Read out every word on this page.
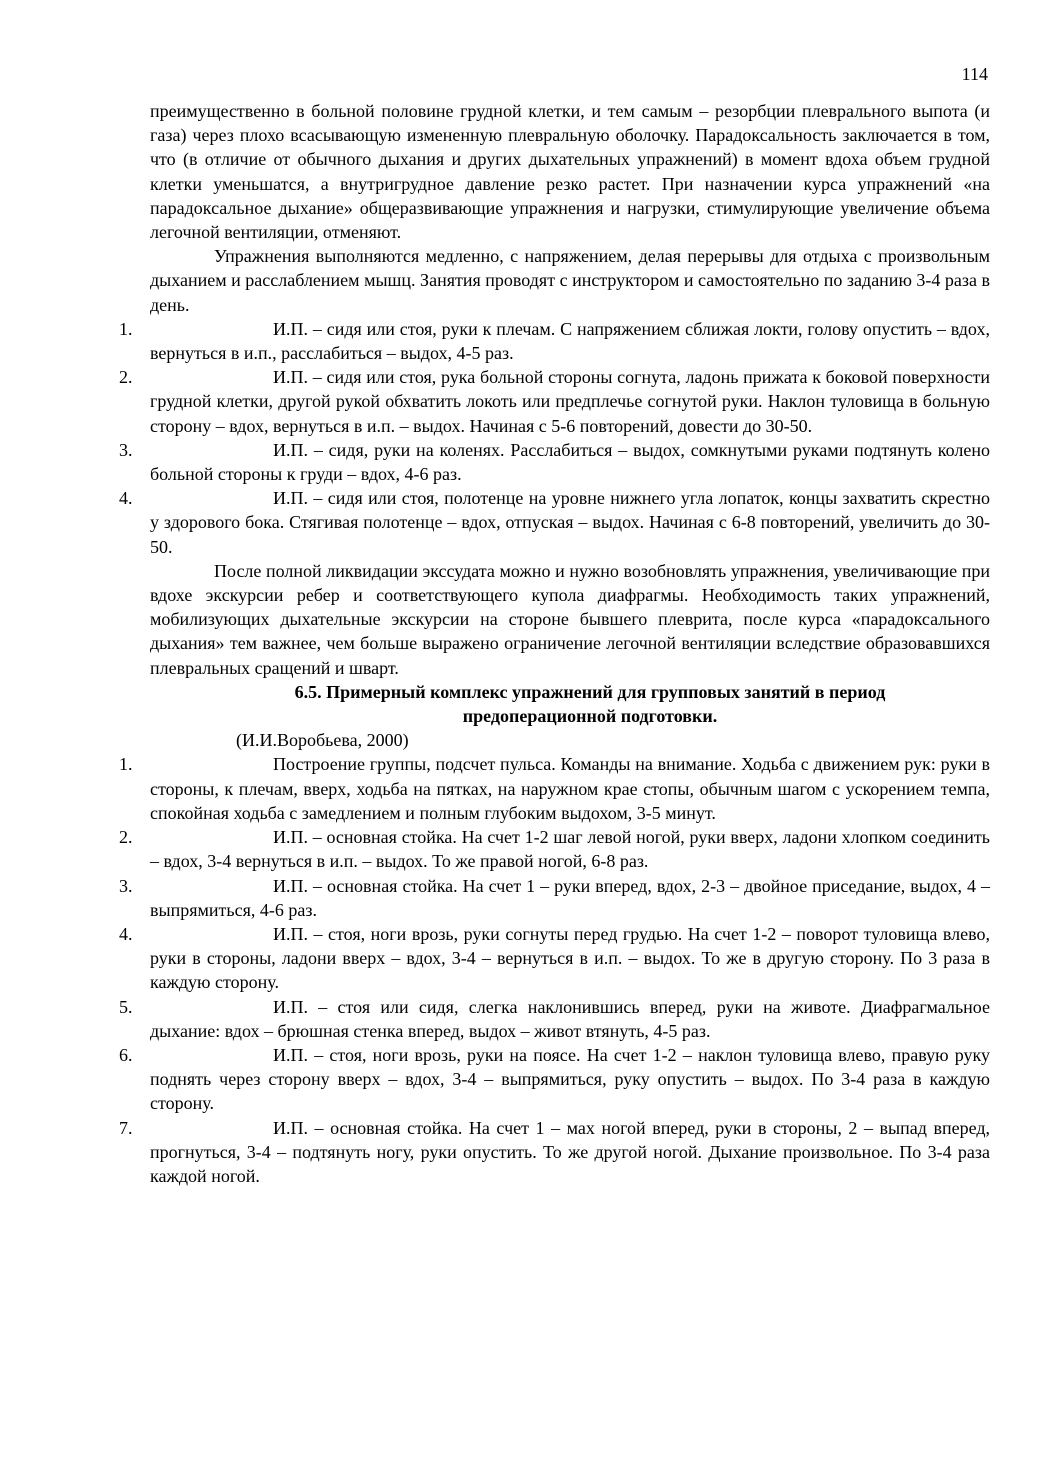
114

преимущественно в больной половине грудной клетки, и тем самым – резорбции плеврального выпота (и газа) через плохо всасывающую измененную плевральную оболочку. Парадоксальность заключается в том, что (в отличие от обычного дыхания и других дыхательных упражнений) в момент вдоха объем грудной клетки уменьшатся, а внутригрудное давление резко растет. При назначении курса упражнений «на парадоксальное дыхание» общеразвивающие упражнения и нагрузки, стимулирующие увеличение объема легочной вентиляции, отменяют.

Упражнения выполняются медленно, с напряжением, делая перерывы для отдыха с произвольным дыханием и расслаблением мышц. Занятия проводят с инструктором и самостоятельно по заданию 3-4 раза в день.

1.	И.П. – сидя или стоя, руки к плечам. С напряжением сближая локти, голову опустить – вдох, вернуться в и.п., расслабиться – выдох, 4-5 раз.
2.	И.П. – сидя или стоя, рука больной стороны согнута, ладонь прижата к боковой поверхности грудной клетки, другой рукой обхватить локоть или предплечье согнутой руки. Наклон туловища в больную сторону – вдох, вернуться в и.п. – выдох. Начиная с 5-6 повторений, довести до 30-50.
3.	И.П. – сидя, руки на коленях. Расслабиться – выдох, сомкнутыми руками подтянуть колено больной стороны к груди – вдох, 4-6 раз.
4.	И.П. – сидя или стоя, полотенце на уровне нижнего угла лопаток, концы захватить скрестно у здорового бока. Стягивая полотенце – вдох, отпуская – выдох. Начиная с 6-8 повторений, увеличить до 30-50.

После полной ликвидации экссудата можно и нужно возобновлять упражнения, увеличивающие при вдохе экскурсии ребер и соответствующего купола диафрагмы. Необходимость таких упражнений, мобилизующих дыхательные экскурсии на стороне бывшего плеврита, после курса «парадоксального дыхания» тем важнее, чем больше выражено ограничение легочной вентиляции вследствие образовавшихся плевральных сращений и шварт.

6.5. Примерный комплекс упражнений для групповых занятий в период предоперационной подготовки.

(И.И.Воробьева, 2000)

1.	Построение группы, подсчет пульса. Команды на внимание. Ходьба с движением рук: руки в стороны, к плечам, вверх, ходьба на пятках, на наружном крае стопы, обычным шагом с ускорением темпа, спокойная ходьба с замедлением и полным глубоким выдохом, 3-5 минут.
2.	И.П. – основная стойка. На счет 1-2 шаг левой ногой, руки вверх, ладони хлопком соединить – вдох, 3-4 вернуться в и.п. – выдох. То же правой ногой, 6-8 раз.
3.	И.П. – основная стойка. На счет 1 – руки вперед, вдох, 2-3 – двойное приседание, выдох, 4 – выпрямиться, 4-6 раз.
4.	И.П. – стоя, ноги врозь, руки согнуты перед грудью. На счет 1-2 – поворот туловища влево, руки в стороны, ладони вверх – вдох, 3-4 – вернуться в и.п. – выдох. То же в другую сторону. По 3 раза в каждую сторону.
5.	И.П. – стоя или сидя, слегка наклонившись вперед, руки на животе. Диафрагмальное дыхание: вдох – брюшная стенка вперед, выдох – живот втянуть, 4-5 раз.
6.	И.П. – стоя, ноги врозь, руки на поясе. На счет 1-2 – наклон туловища влево, правую руку поднять через сторону вверх – вдох, 3-4 – выпрямиться, руку опустить – выдох. По 3-4 раза в каждую сторону.
7.	И.П. – основная стойка. На счет 1 – мах ногой вперед, руки в стороны, 2 – выпад вперед, прогнуться, 3-4 – подтянуть ногу, руки опустить. То же другой ногой. Дыхание произвольное. По 3-4 раза каждой ногой.
